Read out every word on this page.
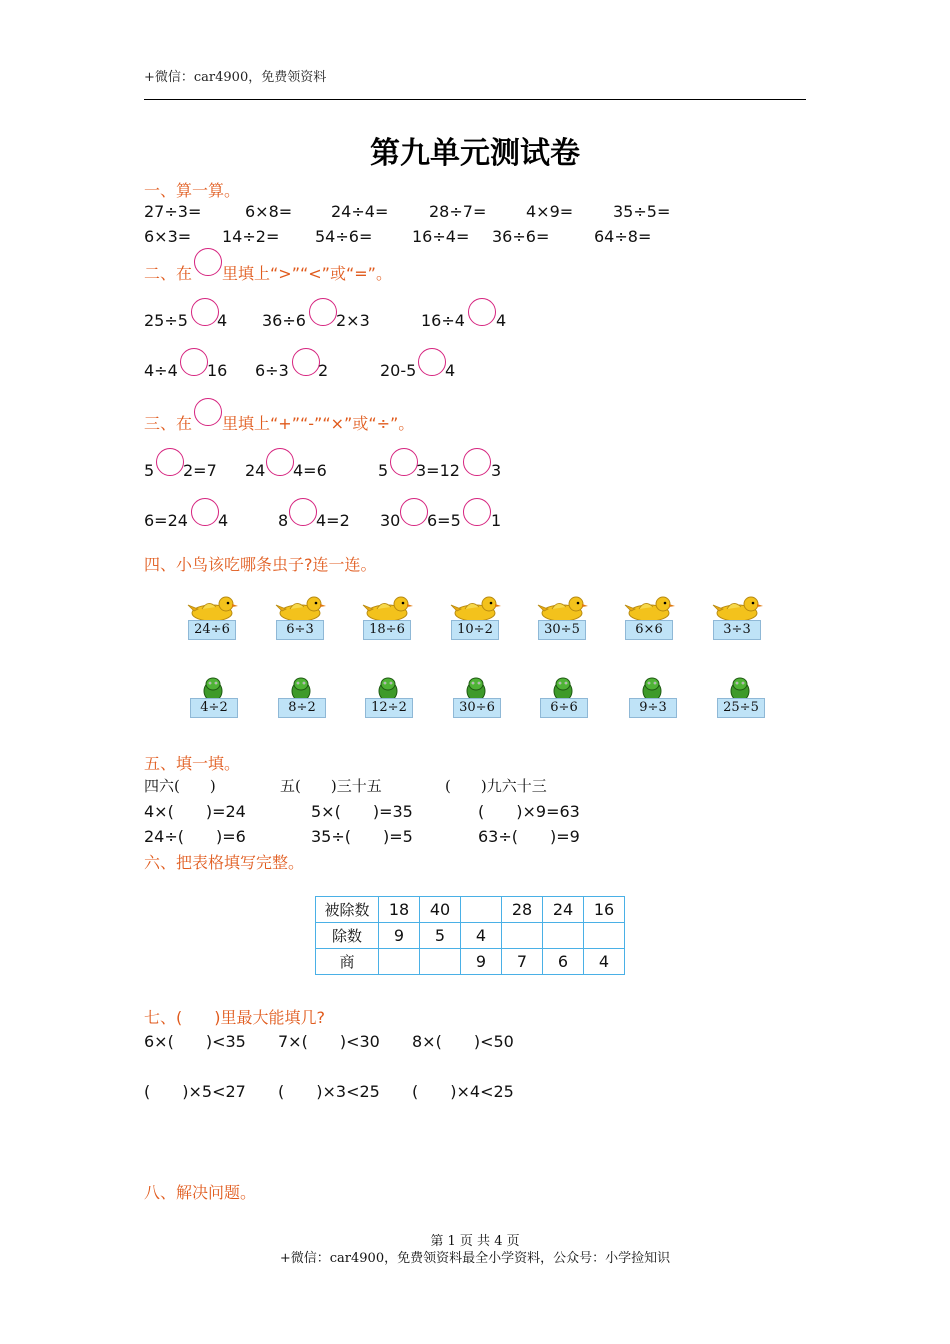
+微信：car4900，免费领资料
第九单元测试卷
一、算一算。
27÷3=	6×8= 24÷4=	28÷7= 4×9= 35÷5=
6×3= 14÷2= 54÷6= 16÷4= 36÷6=	64÷8=
二、在 里填上“>”“<”或“=”。
25÷5 4 36÷6 2×3	16÷4 4
4÷4 16 6÷3 2	20-5 4
三、在 里填上“+”“-”“×”或“÷”。
5 2=7 24 4=6	5 3=12 3
6=24 4	8 4=2 30 6=5 1
四、小鸟该吃哪条虫子?连一连。
24÷6	6÷3	18÷6	10÷2	30÷5	6×6	3÷3
4÷2	8÷2	12÷2	30÷6	6÷6	9÷3	25÷5
五、填一填。
四六(　　)	五(　　)三十五	(　　)九六十三
4×(　　)=24	5×(　　)=35	(　　)×9=63
24÷(　　)=6	35÷(　　)=5	63÷(　　)=9
六、把表格填写完整。
被除数	18	40		28	24	16
除数	9	5	4			
商			9	7	6	4
七、(　　)里最大能填几?
6×(　　)<35 7×(　　)<30 8×(　　)<50
(　　)×5<27 (　　)×3<25 (　　)×4<25
八、解决问题。
第 1 页 共 4 页
+微信：car4900，免费领资料最全小学资料，公众号：小学捡知识
